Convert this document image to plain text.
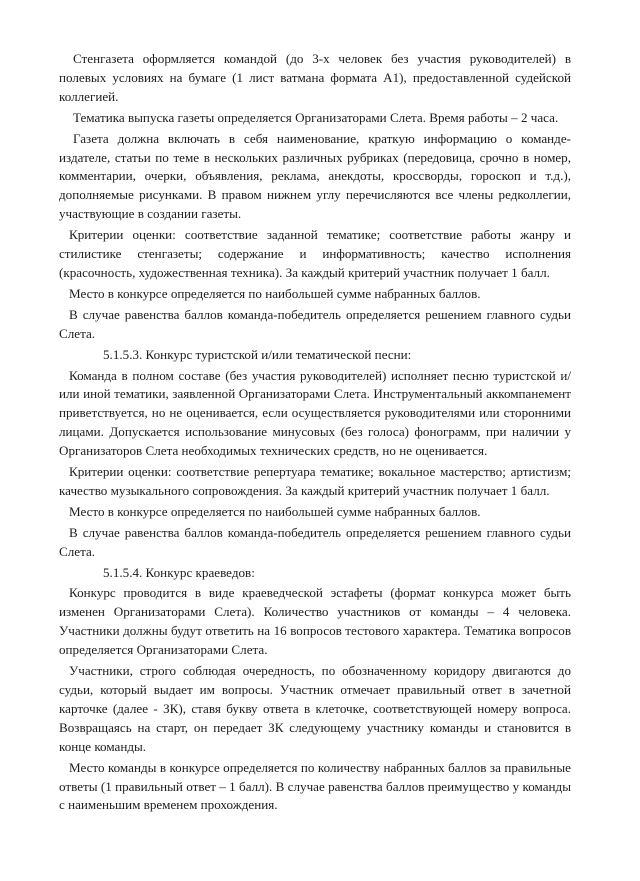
Стенгазета оформляется командой (до 3-х человек без участия руководителей) в полевых условиях на бумаге (1 лист ватмана формата А1), предоставленной судейской коллегией.

Тематика выпуска газеты определяется Организаторами Слета. Время работы – 2 часа.

Газета должна включать в себя наименование, краткую информацию о команде-издателе, статьи по теме в нескольких различных рубриках (передовица, срочно в номер, комментарии, очерки, объявления, реклама, анекдоты, кроссворды, гороскоп и т.д.), дополняемые рисунками. В правом нижнем углу перечисляются все члены редколлегии, участвующие в создании газеты.

Критерии оценки: соответствие заданной тематике; соответствие работы жанру и стилистике стенгазеты; содержание и информативность; качество исполнения (красочность, художественная техника). За каждый критерий участник получает 1 балл.

Место в конкурсе определяется по наибольшей сумме набранных баллов.

В случае равенства баллов команда-победитель определяется решением главного судьи Слета.

5.1.5.3. Конкурс туристской и/или тематической песни:

Команда в полном составе (без участия руководителей) исполняет песню туристской и/или иной тематики, заявленной Организаторами Слета. Инструментальный аккомпанемент приветствуется, но не оценивается, если осуществляется руководителями или сторонними лицами. Допускается использование минусовых (без голоса) фонограмм, при наличии у Организаторов Слета необходимых технических средств, но не оценивается.

Критерии оценки: соответствие репертуара тематике; вокальное мастерство; артистизм; качество музыкального сопровождения. За каждый критерий участник получает 1 балл.

Место в конкурсе определяется по наибольшей сумме набранных баллов.

В случае равенства баллов команда-победитель определяется решением главного судьи Слета.

5.1.5.4. Конкурс краеведов:

Конкурс проводится в виде краеведческой эстафеты (формат конкурса может быть изменен Организаторами Слета). Количество участников от команды – 4 человека. Участники должны будут ответить на 16 вопросов тестового характера. Тематика вопросов определяется Организаторами Слета.

Участники, строго соблюдая очередность, по обозначенному коридору двигаются до судьи, который выдает им вопросы. Участник отмечает правильный ответ в зачетной карточке (далее - ЗК), ставя букву ответа в клеточке, соответствующей номеру вопроса. Возвращаясь на старт, он передает ЗК следующему участнику команды и становится в конце команды.

Место команды в конкурсе определяется по количеству набранных баллов за правильные ответы (1 правильный ответ – 1 балл). В случае равенства баллов преимущество у команды с наименьшим временем прохождения.
